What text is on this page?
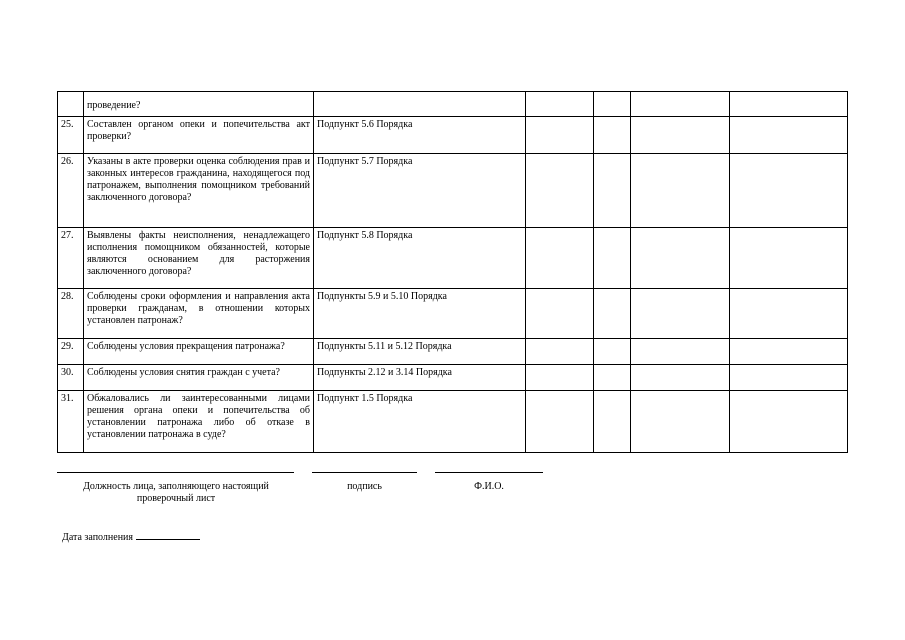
	проведение?					
25.	Составлен органом опеки и попечительства акт проверки?	Подпункт 5.6 Порядка				
26.	Указаны в акте проверки оценка соблюдения прав и законных интересов гражданина, находящегося под патронажем, выполнения помощником требований заключенного договора?	Подпункт 5.7 Порядка				
27.	Выявлены факты неисполнения, ненадлежащего исполнения помощником обязанностей, которые являются основанием для расторжения заключенного договора?	Подпункт 5.8 Порядка				
28.	Соблюдены сроки оформления и направления акта проверки гражданам, в отношении которых установлен патронаж?	Подпункты 5.9 и 5.10 Порядка				
29.	Соблюдены условия прекращения патронажа?	Подпункты 5.11 и 5.12 Порядка				
30.	Соблюдены условия снятия граждан с учета?	Подпункты 2.12 и 3.14 Порядка				
31.	Обжаловались ли заинтересованными лицами решения органа опеки и попечительства об установлении патронажа либо об отказе в установлении патронажа в суде?	Подпункт 1.5 Порядка				
Должность лица, заполняющего настоящий проверочный лист
подпись	Ф.И.О.
Дата заполнения
